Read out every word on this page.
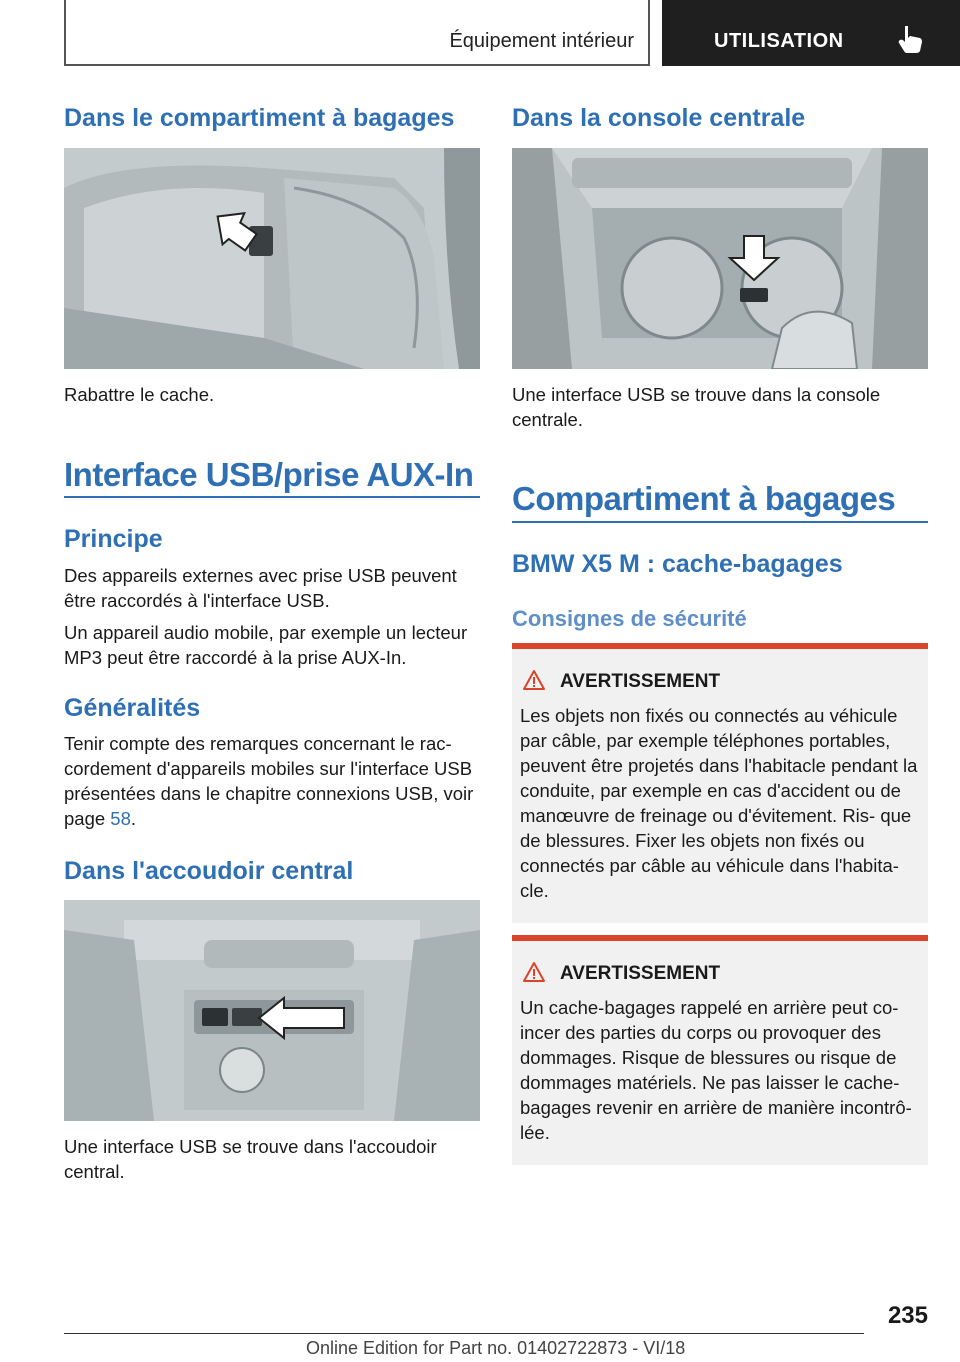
Équipement intérieur	UTILISATION
Dans le compartiment à bagages
Rabattre le cache.
Interface USB/prise AUX-In
Principe
Des appareils externes avec prise USB peuvent être raccordés à l'interface USB.
Un appareil audio mobile, par exemple un lecteur MP3 peut être raccordé à la prise AUX-In.
Généralités
Tenir compte des remarques concernant le rac‐ cordement d'appareils mobiles sur l'interface USB présentées dans le chapitre connexions USB, voir page 58.
Dans l'accoudoir central
Une interface USB se trouve dans l'accoudoir central.
Dans la console centrale
Une interface USB se trouve dans la console centrale.
Compartiment à bagages
BMW X5 M : cache-bagages
Consignes de sécurité
AVERTISSEMENT
Les objets non fixés ou connectés au véhicule par câble, par exemple téléphones portables, peuvent être projetés dans l'habitacle pendant la conduite, par exemple en cas d'accident ou de manœuvre de freinage ou d'évitement. Ris‐ que de blessures. Fixer les objets non fixés ou connectés par câble au véhicule dans l'habita‐ cle.
AVERTISSEMENT
Un cache-bagages rappelé en arrière peut co‐ incer des parties du corps ou provoquer des dommages. Risque de blessures ou risque de dommages matériels. Ne pas laisser le cache- bagages revenir en arrière de manière incontrô‐ lée.
235
Online Edition for Part no. 01402722873 - VI/18
